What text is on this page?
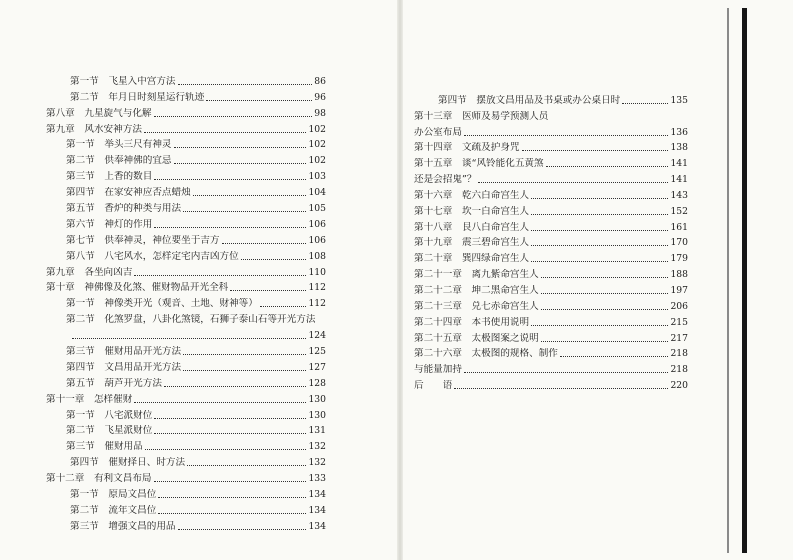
第一节　飞星入中宫方法	86
第二节　年月日时刻星运行轨迹	96
第八章　九星旋气与化解	98
第九章　风水安神方法	102
第一节　举头三尺有神灵	102
第二节　供奉神佛的宜忌	102
第三节　上香的数目	103
第四节　在家安神应否点蜡烛	104
第五节　香炉的种类与用法	105
第六节　神灯的作用	106
第七节　供奉神灵，神位要坐于吉方	106
第八节　八宅风水，怎样定宅内吉凶方位	108
第九章　各坐向凶吉	110
第十章　神佛像及化煞、催财物品开光全科	112
第一节　神像类开光（观音、土地、财神等）	112
第二节　化煞罗盘，八卦化煞镜，石狮子泰山石等开光方法
124
第三节　催财用品开光方法	125
第四节　文昌用品开光方法	127
第五节　葫芦开光方法	128
第十一章　怎样催财	130
第一节　八宅派财位	130
第二节　飞星派财位	131
第三节　催财用品	132
第四节　催财择日、时方法	132
第十二章　有利文昌布局	133
第一节　原局文昌位	134
第二节　流年文昌位	134
第三节　增强文昌的用品	134
第四节　摆放文昌用品及书桌或办公桌日时	135
第十三章　医师及易学预测人员
办公室布局	136
第十四章　文疏及护身咒	138
第十五章　谈“风铃能化五黄煞	141
还是会招鬼”？	141
第十六章　乾六白命宫生人	143
第十七章　坎一白命宫生人	152
第十八章　艮八白命宫生人	161
第十九章　震三碧命宫生人	170
第二十章　巽四绿命宫生人	179
第二十一章　离九紫命宫生人	188
第二十二章　坤二黑命宫生人	197
第二十三章　兑七赤命宫生人	206
第二十四章　本书使用说明	215
第二十五章　太极图案之说明	217
第二十六章　太极图的规格、制作	218
与能量加持	218
后　　语	220
